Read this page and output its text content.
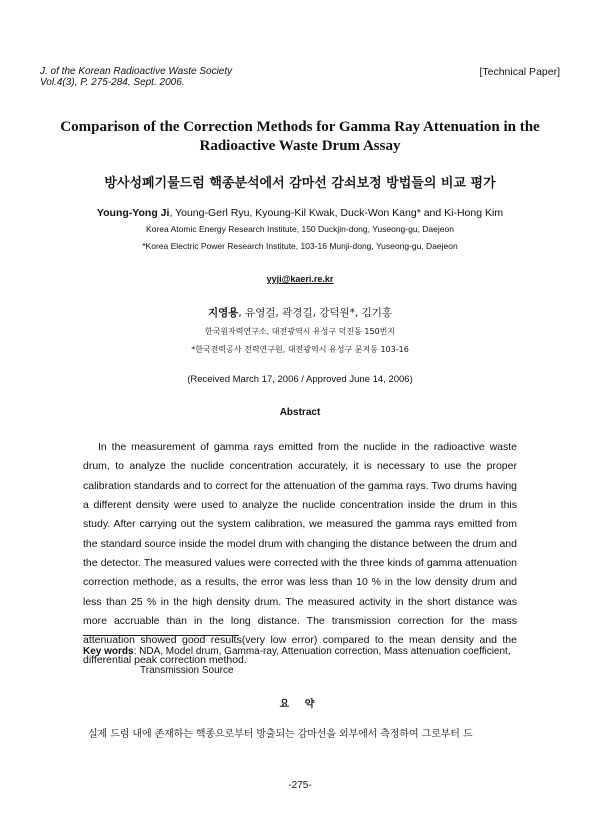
J. of the Korean Radioactive Waste Society
Vol.4(3), P. 275-284, Sept. 2006.
[Technical Paper]
Comparison of the Correction Methods for Gamma Ray Attenuation in the Radioactive Waste Drum Assay
방사성폐기물드럼 핵종분석에서 감마선 감쇠보정 방법들의 비교 평가
Young-Yong Ji, Young-Gerl Ryu, Kyoung-Kil Kwak, Duck-Won Kang* and Ki-Hong Kim
Korea Atomic Energy Research Institute, 150 Duckjin-dong, Yuseong-gu, Daejeon
*Korea Electric Power Research Institute, 103-16 Munji-dong, Yuseong-gu, Daejeon
yyji@kaeri.re.kr
지영용, 유영걸, 곽경길, 강덕원*, 김기홍
한국원자력연구소, 대전광역시 유성구 덕진동 150번지
*한국전력공사 전력연구원, 대전광역시 유성구 문지동 103-16
(Received March 17, 2006 / Approved June 14, 2006)
Abstract

In the measurement of gamma rays emitted from the nuclide in the radioactive waste drum, to analyze the nuclide concentration accurately, it is necessary to use the proper calibration standards and to correct for the attenuation of the gamma rays. Two drums having a different density were used to analyze the nuclide concentration inside the drum in this study. After carrying out the system calibration, we measured the gamma rays emitted from the standard source inside the model drum with changing the distance between the drum and the detector. The measured values were corrected with the three kinds of gamma attenuation correction methode, as a results, the error was less than 10 % in the low density drum and less than 25 % in the high density drum. The measured activity in the short distance was more accruable than in the long distance. The transmission correction for the mass attenuation showed good results(very low error) compared to the mean density and the differential peak correction method.

Key words: NDA, Model drum, Gamma-ray, Attenuation correction, Mass attenuation coefficient,
Transmission Source
요 약
실제 드럼 내에 존재하는 핵종으로부터 방출되는 감마선을 외부에서 측정하여 그로부터 드
-275-
